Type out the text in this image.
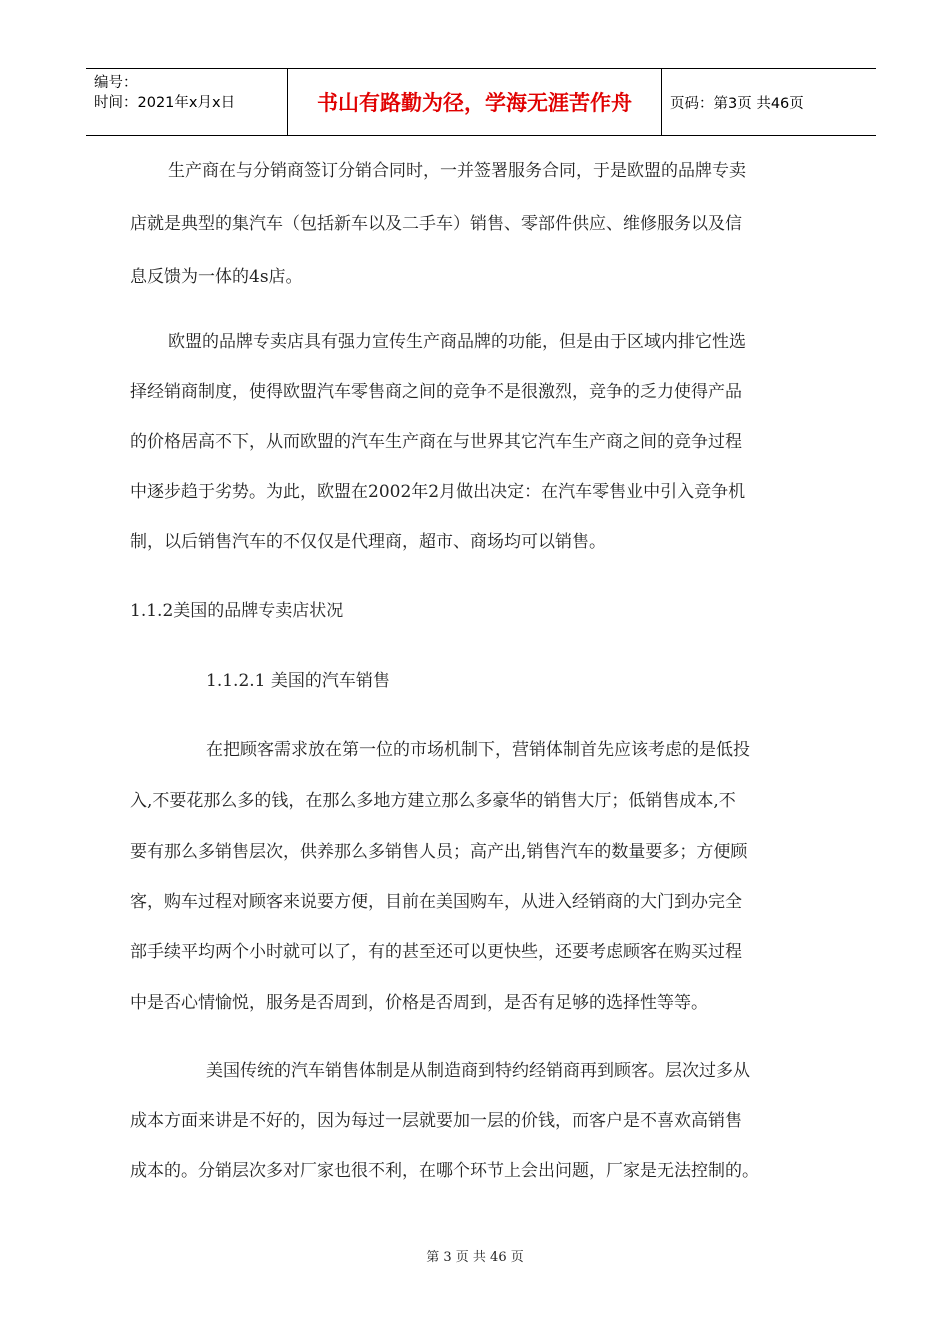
编号：
时间：2021年x月x日	书山有路勤为径，学海无涯苦作舟	页码：第3页 共46页
生产商在与分销商签订分销合同时，一并签署服务合同，于是欧盟的品牌专卖
店就是典型的集汽车（包括新车以及二手车）销售、零部件供应、维修服务以及信
息反馈为一体的4s店。
欧盟的品牌专卖店具有强力宣传生产商品牌的功能，但是由于区域内排它性选
择经销商制度，使得欧盟汽车零售商之间的竞争不是很激烈，竞争的乏力使得产品
的价格居高不下，从而欧盟的汽车生产商在与世界其它汽车生产商之间的竞争过程
中逐步趋于劣势。为此，欧盟在2002年2月做出决定：在汽车零售业中引入竞争机
制，以后销售汽车的不仅仅是代理商，超市、商场均可以销售。
1.1.2美国的品牌专卖店状况
1.1.2.1 美国的汽车销售
在把顾客需求放在第一位的市场机制下，营销体制首先应该考虑的是低投
入,不要花那么多的钱，在那么多地方建立那么多豪华的销售大厅；低销售成本,不
要有那么多销售层次，供养那么多销售人员；高产出,销售汽车的数量要多；方便顾
客，购车过程对顾客来说要方便，目前在美国购车，从进入经销商的大门到办完全
部手续平均两个小时就可以了，有的甚至还可以更快些，还要考虑顾客在购买过程
中是否心情愉悦，服务是否周到，价格是否周到，是否有足够的选择性等等。
美国传统的汽车销售体制是从制造商到特约经销商再到顾客。层次过多从
成本方面来讲是不好的，因为每过一层就要加一层的价钱，而客户是不喜欢高销售
成本的。分销层次多对厂家也很不利，在哪个环节上会出问题，厂家是无法控制的。
第 3 页 共 46 页
